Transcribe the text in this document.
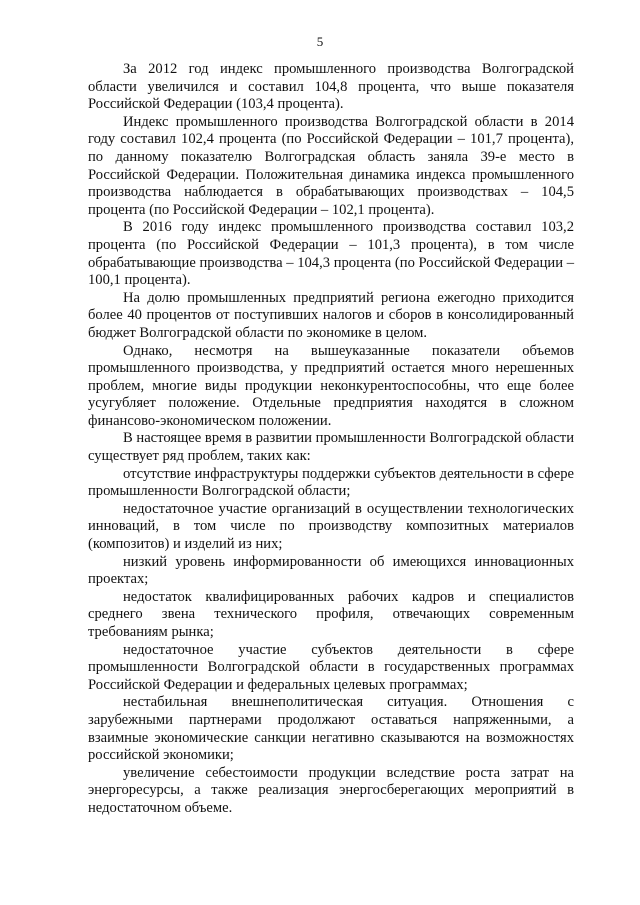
5

За 2012 год индекс промышленного производства Волгоградской области увеличился и составил 104,8 процента, что выше показателя Российской Федерации (103,4 процента).

Индекс промышленного производства Волгоградской области в 2014 году составил 102,4 процента (по Российской Федерации – 101,7 процента), по данному показателю Волгоградская область заняла 39-е место в Российской Федерации. Положительная динамика индекса промышленного производства наблюдается в обрабатывающих производствах – 104,5 процента (по Российской Федерации – 102,1 процента).

В 2016 году индекс промышленного производства составил 103,2 процента (по Российской Федерации – 101,3 процента), в том числе обрабатывающие производства – 104,3 процента (по Российской Федерации – 100,1 процента).

На долю промышленных предприятий региона ежегодно приходится более 40 процентов от поступивших налогов и сборов в консолидированный бюджет Волгоградской области по экономике в целом.

Однако, несмотря на вышеуказанные показатели объемов промышленного производства, у предприятий остается много нерешенных проблем, многие виды продукции неконкурентоспособны, что еще более усугубляет положение. Отдельные предприятия находятся в сложном финансово-экономическом положении.

В настоящее время в развитии промышленности Волгоградской области существует ряд проблем, таких как:

отсутствие инфраструктуры поддержки субъектов деятельности в сфере промышленности Волгоградской области;

недостаточное участие организаций в осуществлении технологических инноваций, в том числе по производству композитных материалов (композитов) и изделий из них;

низкий уровень информированности об имеющихся инновационных проектах;

недостаток квалифицированных рабочих кадров и специалистов среднего звена технического профиля, отвечающих современным требованиям рынка;

недостаточное участие субъектов деятельности в сфере промышленности Волгоградской области в государственных программах Российской Федерации и федеральных целевых программах;

нестабильная внешнеполитическая ситуация. Отношения с зарубежными партнерами продолжают оставаться напряженными, а взаимные экономические санкции негативно сказываются на возможностях российской экономики;

увеличение себестоимости продукции вследствие роста затрат на энергоресурсы, а также реализация энергосберегающих мероприятий в недостаточном объеме.
